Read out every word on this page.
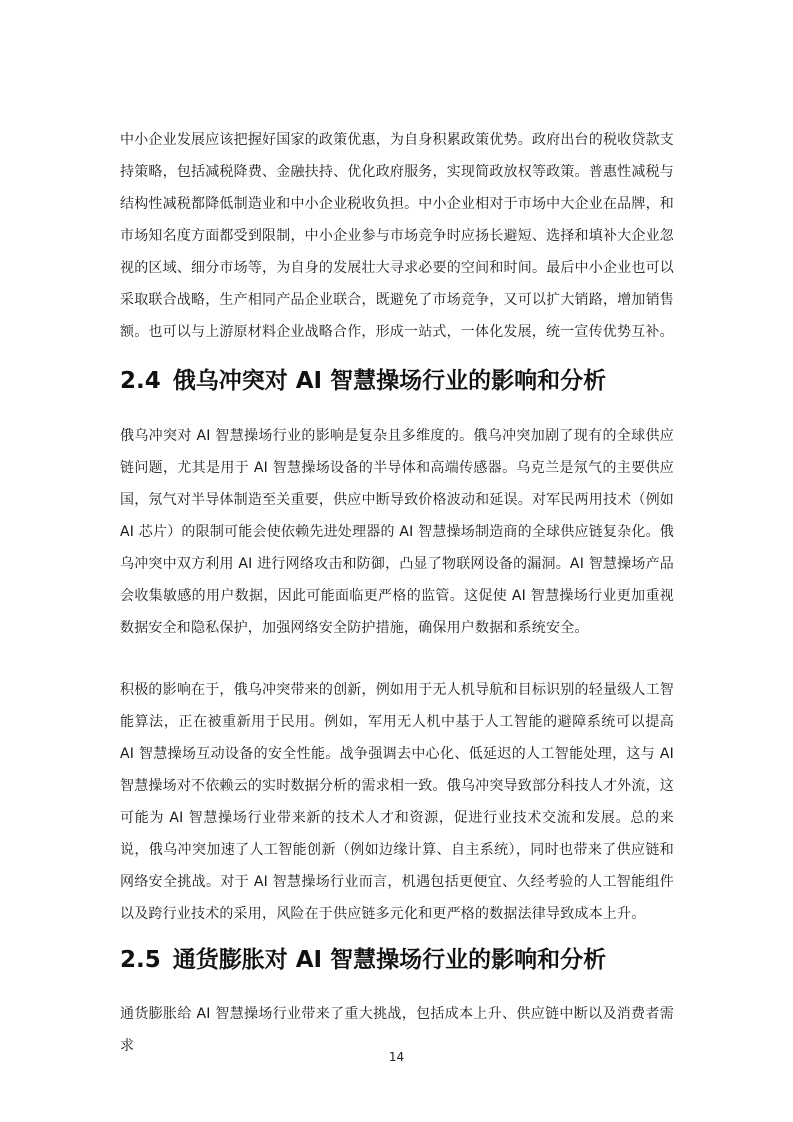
中小企业发展应该把握好国家的政策优惠，为自身积累政策优势。政府出台的税收贷款支持策略，包括减税降费、金融扶持、优化政府服务，实现简政放权等政策。普惠性减税与结构性减税都降低制造业和中小企业税收负担。中小企业相对于市场中大企业在品牌，和市场知名度方面都受到限制，中小企业参与市场竞争时应扬长避短、选择和填补大企业忽视的区域、细分市场等，为自身的发展壮大寻求必要的空间和时间。最后中小企业也可以采取联合战略，生产相同产品企业联合，既避免了市场竞争，又可以扩大销路，增加销售额。也可以与上游原材料企业战略合作，形成一站式，一体化发展，统一宣传优势互补。

2.4 俄乌冲突对 AI 智慧操场行业的影响和分析

俄乌冲突对 AI 智慧操场行业的影响是复杂且多维度的。俄乌冲突加剧了现有的全球供应链问题，尤其是用于 AI 智慧操场设备的半导体和高端传感器。乌克兰是氖气的主要供应国，氖气对半导体制造至关重要，供应中断导致价格波动和延误。对军民两用技术（例如 AI 芯片）的限制可能会使依赖先进处理器的 AI 智慧操场制造商的全球供应链复杂化。俄乌冲突中双方利用 AI 进行网络攻击和防御，凸显了物联网设备的漏洞。AI 智慧操场产品会收集敏感的用户数据，因此可能面临更严格的监管。这促使 AI 智慧操场行业更加重视数据安全和隐私保护，加强网络安全防护措施，确保用户数据和系统安全。

积极的影响在于，俄乌冲突带来的创新，例如用于无人机导航和目标识别的轻量级人工智能算法，正在被重新用于民用。例如，军用无人机中基于人工智能的避障系统可以提高 AI 智慧操场互动设备的安全性能。战争强调去中心化、低延迟的人工智能处理，这与 AI 智慧操场对不依赖云的实时数据分析的需求相一致。俄乌冲突导致部分科技人才外流，这可能为 AI 智慧操场行业带来新的技术人才和资源，促进行业技术交流和发展。总的来说，俄乌冲突加速了人工智能创新（例如边缘计算、自主系统），同时也带来了供应链和网络安全挑战。对于 AI 智慧操场行业而言，机遇包括更便宜、久经考验的人工智能组件以及跨行业技术的采用，风险在于供应链多元化和更严格的数据法律导致成本上升。

2.5 通货膨胀对 AI 智慧操场行业的影响和分析

通货膨胀给 AI 智慧操场行业带来了重大挑战，包括成本上升、供应链中断以及消费者需求

14
